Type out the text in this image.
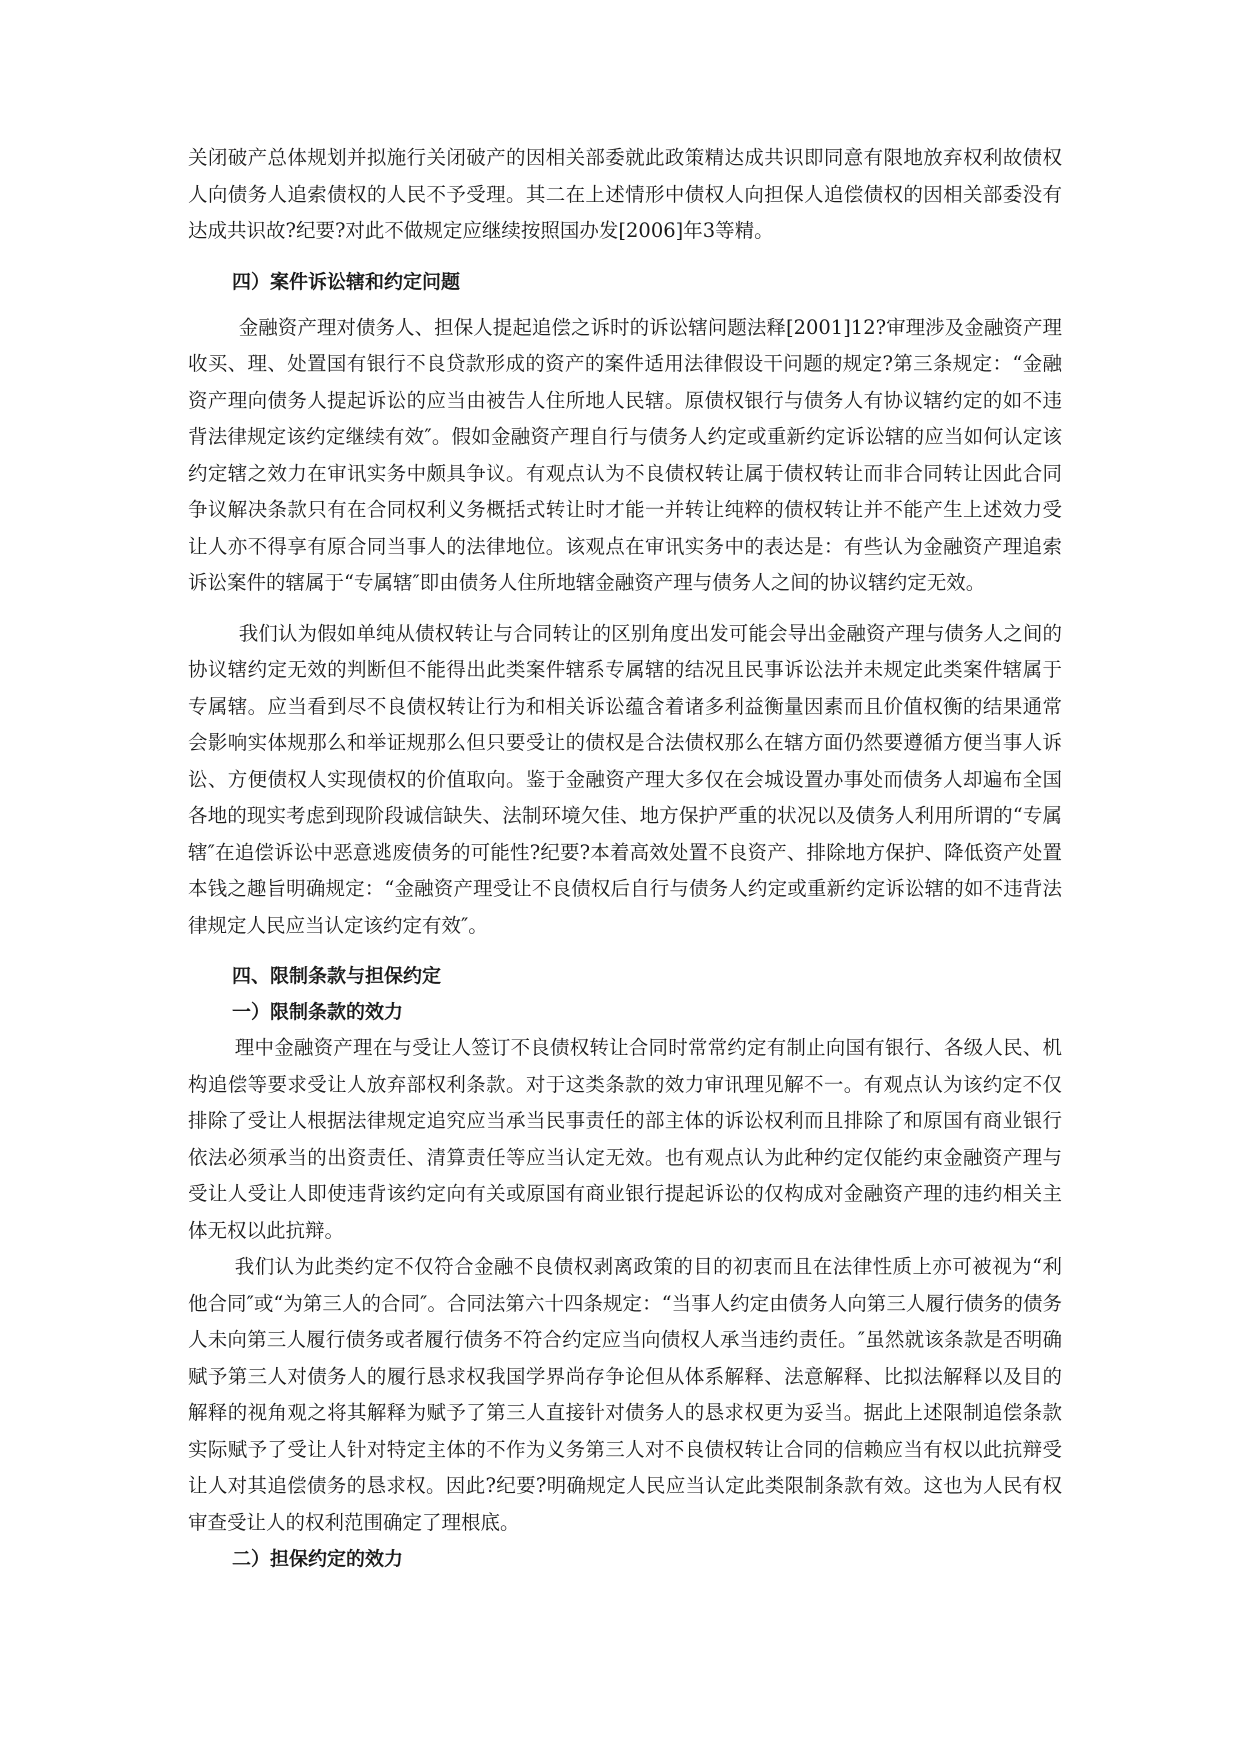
关闭破产总体规划并拟施行关闭破产的因相关部委就此政策精达成共识即同意有限地放弃权利故债权人向债务人追索债权的人民不予受理。其二在上述情形中债权人向担保人追偿债权的因相关部委没有达成共识故?纪要?对此不做规定应继续按照国办发[2006]年3等精。

四）案件诉讼辖和约定问题

金融资产理对债务人、担保人提起追偿之诉时的诉讼辖问题法释[2001]12?审理涉及金融资产理收买、理、处置国有银行不良贷款形成的资产的案件适用法律假设干问题的规定?第三条规定：“金融资产理向债务人提起诉讼的应当由被告人住所地人民辖。原债权银行与债务人有协议辖约定的如不违背法律规定该约定继续有效″。假如金融资产理自行与债务人约定或重新约定诉讼辖的应当如何认定该约定辖之效力在审讯实务中颇具争议。有观点认为不良债权转让属于债权转让而非合同转让因此合同争议解决条款只有在合同权利义务概括式转让时才能一并转让纯粹的债权转让并不能产生上述效力受让人亦不得享有原合同当事人的法律地位。该观点在审讯实务中的表达是：有些认为金融资产理追索诉讼案件的辖属于“专属辖″即由债务人住所地辖金融资产理与债务人之间的协议辖约定无效。

我们认为假如单纯从债权转让与合同转让的区别角度出发可能会导出金融资产理与债务人之间的协议辖约定无效的判断但不能得出此类案件辖系专属辖的结况且民事诉讼法并未规定此类案件辖属于专属辖。应当看到尽不良债权转让行为和相关诉讼蕴含着诸多利益衡量因素而且价值权衡的结果通常会影响实体规那么和举证规那么但只要受让的债权是合法债权那么在辖方面仍然要遵循方便当事人诉讼、方便债权人实现债权的价值取向。鉴于金融资产理大多仅在会城设置办事处而债务人却遍布全国各地的现实考虑到现阶段诚信缺失、法制环境欠佳、地方保护严重的状况以及债务人利用所谓的“专属辖″在追偿诉讼中恶意逃废债务的可能性?纪要?本着高效处置不良资产、排除地方保护、降低资产处置本钱之趣旨明确规定：“金融资产理受让不良债权后自行与债务人约定或重新约定诉讼辖的如不违背法律规定人民应当认定该约定有效″。

四、限制条款与担保约定

一）限制条款的效力

理中金融资产理在与受让人签订不良债权转让合同时常常约定有制止向国有银行、各级人民、机构追偿等要求受让人放弃部权利条款。对于这类条款的效力审讯理见解不一。有观点认为该约定不仅排除了受让人根据法律规定追究应当承当民事责任的部主体的诉讼权利而且排除了和原国有商业银行依法必须承当的出资责任、清算责任等应当认定无效。也有观点认为此种约定仅能约束金融资产理与受让人受让人即使违背该约定向有关或原国有商业银行提起诉讼的仅构成对金融资产理的违约相关主体无权以此抗辩。

我们认为此类约定不仅符合金融不良债权剥离政策的目的初衷而且在法律性质上亦可被视为“利他合同″或“为第三人的合同″。合同法第六十四条规定：“当事人约定由债务人向第三人履行债务的债务人未向第三人履行债务或者履行债务不符合约定应当向债权人承当违约责任。″虽然就该条款是否明确赋予第三人对债务人的履行恳求权我国学界尚存争论但从体系解释、法意解释、比拟法解释以及目的解释的视角观之将其解释为赋予了第三人直接针对债务人的恳求权更为妥当。据此上述限制追偿条款实际赋予了受让人针对特定主体的不作为义务第三人对不良债权转让合同的信赖应当有权以此抗辩受让人对其追偿债务的恳求权。因此?纪要?明确规定人民应当认定此类限制条款有效。这也为人民有权审查受让人的权利范围确定了理根底。

二）担保约定的效力
